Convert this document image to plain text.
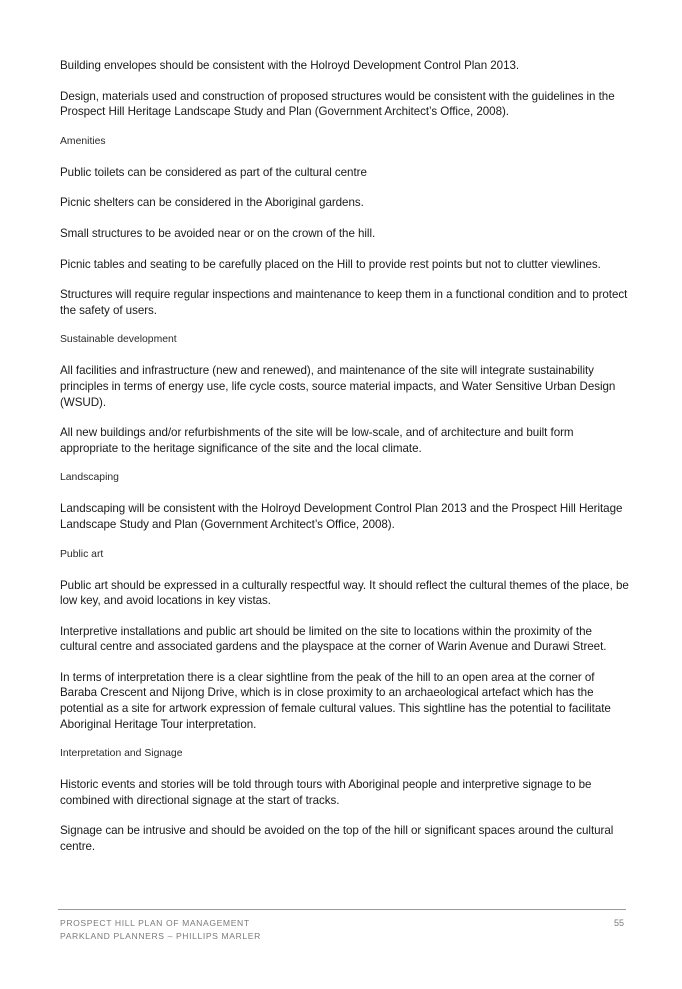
Building envelopes should be consistent with the Holroyd Development Control Plan 2013.

Design, materials used and construction of proposed structures would be consistent with the guidelines in the Prospect Hill Heritage Landscape Study and Plan (Government Architect’s Office, 2008).

Amenities

Public toilets can be considered as part of the cultural centre

Picnic shelters can be considered in the Aboriginal gardens.

Small structures to be avoided near or on the crown of the hill.

Picnic tables and seating to be carefully placed on the Hill to provide rest points but not to clutter viewlines.

Structures will require regular inspections and maintenance to keep them in a functional condition and to protect the safety of users.

Sustainable development

All facilities and infrastructure (new and renewed), and maintenance of the site will integrate sustainability principles in terms of energy use, life cycle costs, source material impacts, and Water Sensitive Urban Design (WSUD).

All new buildings and/or refurbishments of the site will be low-scale, and of architecture and built form appropriate to the heritage significance of the site and the local climate.

Landscaping

Landscaping will be consistent with the Holroyd Development Control Plan 2013 and the Prospect Hill Heritage Landscape Study and Plan (Government Architect’s Office, 2008).

Public art

Public art should be expressed in a culturally respectful way. It should reflect the cultural themes of the place, be low key, and avoid locations in key vistas.

Interpretive installations and public art should be limited on the site to locations within the proximity of the cultural centre and associated gardens and the playspace at the corner of Warin Avenue and Durawi Street.

In terms of interpretation there is a clear sightline from the peak of the hill to an open area at the corner of Baraba Crescent and Nijong Drive, which is in close proximity to an archaeological artefact which has the potential as a site for artwork expression of female cultural values. This sightline has the potential to facilitate Aboriginal Heritage Tour interpretation.

Interpretation and Signage

Historic events and stories will be told through tours with Aboriginal people and interpretive signage to be combined with directional signage at the start of tracks.

Signage can be intrusive and should be avoided on the top of the hill or significant spaces around the cultural centre.

PROSPECT HILL PLAN OF MANAGEMENT
PARKLAND PLANNERS – PHILLIPS MARLER
55
